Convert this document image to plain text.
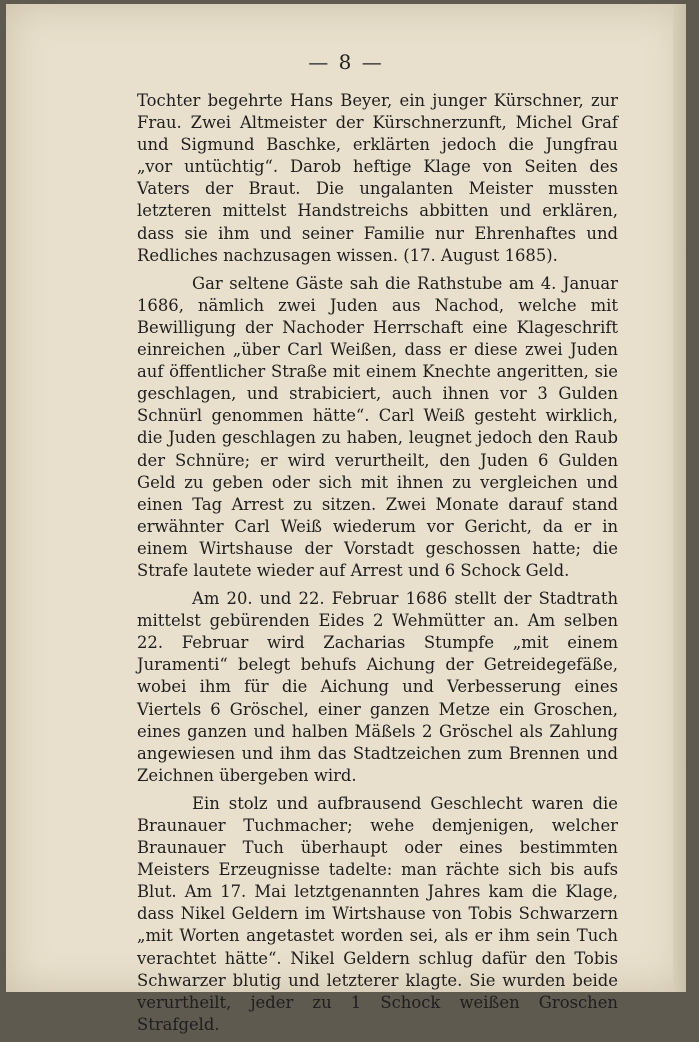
— 8 —

Tochter begehrte Hans Beyer, ein junger Kürschner, zur Frau. Zwei Altmeister der Kürschnerzunft, Michel Graf und Sigmund Baschke, erklärten jedoch die Jungfrau „vor untüchtig“. Darob heftige Klage von Seiten des Vaters der Braut. Die ungalanten Meister mussten letzteren mittelst Handstreichs abbitten und erklären, dass sie ihm und seiner Familie nur Ehrenhaftes und Redliches nachzusagen wissen. (17. August 1685).

Gar seltene Gäste sah die Rathstube am 4. Januar 1686, nämlich zwei Juden aus Nachod, welche mit Bewilligung der Nachoder Herrschaft eine Klageschrift einreichen „über Carl Weißen, dass er diese zwei Juden auf öffentlicher Straße mit einem Knechte angeritten, sie geschlagen, und strabiciert, auch ihnen vor 3 Gulden Schnürl genommen hätte“. Carl Weiß gesteht wirklich, die Juden geschlagen zu haben, leugnet jedoch den Raub der Schnüre; er wird verurtheilt, den Juden 6 Gulden Geld zu geben oder sich mit ihnen zu vergleichen und einen Tag Arrest zu sitzen. Zwei Monate darauf stand erwähnter Carl Weiß wiederum vor Gericht, da er in einem Wirtshause der Vorstadt geschossen hatte; die Strafe lautete wieder auf Arrest und 6 Schock Geld.

Am 20. und 22. Februar 1686 stellt der Stadtrath mittelst gebürenden Eides 2 Wehmütter an. Am selben 22. Februar wird Zacharias Stumpfe „mit einem Juramenti“ belegt behufs Aichung der Getreidegefäße, wobei ihm für die Aichung und Verbesserung eines Viertels 6 Gröschel, einer ganzen Metze ein Groschen, eines ganzen und halben Mäßels 2 Gröschel als Zahlung angewiesen und ihm das Stadtzeichen zum Brennen und Zeichnen übergeben wird.

Ein stolz und aufbrausend Geschlecht waren die Braunauer Tuchmacher; wehe demjenigen, welcher Braunauer Tuch überhaupt oder eines bestimmten Meisters Erzeugnisse tadelte: man rächte sich bis aufs Blut. Am 17. Mai letztgenannten Jahres kam die Klage, dass Nikel Geldern im Wirtshause von Tobis Schwarzern „mit Worten angetastet worden sei, als er ihm sein Tuch verachtet hätte“. Nikel Geldern schlug dafür den Tobis Schwarzer blutig und letzterer klagte. Sie wurden beide verurtheilt, jeder zu 1 Schock weißen Groschen Strafgeld.
